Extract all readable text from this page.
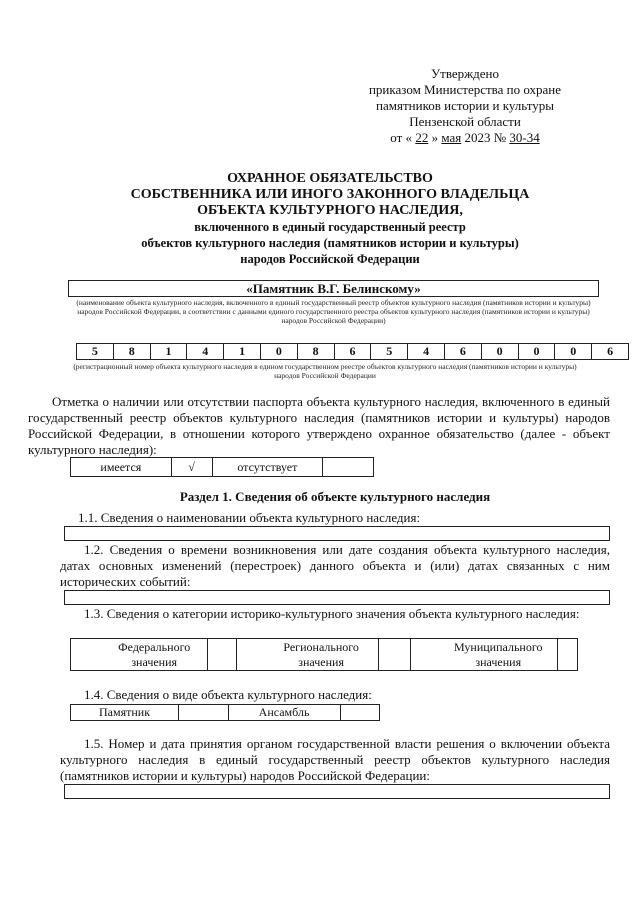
Утверждено
приказом Министерства по охране
памятников истории и культуры
Пензенской области
от « 22 » мая 2023 № 30-34
ОХРАННОЕ ОБЯЗАТЕЛЬСТВО
СОБСТВЕННИКА ИЛИ ИНОГО ЗАКОННОГО ВЛАДЕЛЬЦА
ОБЪЕКТА КУЛЬТУРНОГО НАСЛЕДИЯ,
включенного в единый государственный реестр
объектов культурного наследия (памятников истории и культуры)
народов Российской Федерации
«Памятник В.Г. Белинскому»
(наименование объекта культурного наследия, включенного в единый государственный реестр объектов культурного наследия (памятников истории и культуры) народов Российской Федерации, в соответствии с данными единого государственного реестра объектов культурного наследия (памятников истории и культуры) народов Российской Федерации)
5	8	1	4	1	0	8	6	5	4	6	0	0	0	6
(регистрационный номер объекта культурного наследия в едином государственном реестре объектов культурного наследия (памятников истории и культуры) народов Российской Федерации
Отметка о наличии или отсутствии паспорта объекта культурного наследия, включенного в единый государственный реестр объектов культурного наследия (памятников истории и культуры) народов Российской Федерации, в отношении которого утверждено охранное обязательство (далее - объект культурного наследия):
имеется	√	отсутствует	
Раздел 1. Сведения об объекте культурного наследия
1.1. Сведения о наименовании объекта культурного наследия:
1.2. Сведения о времени возникновения или дате создания объекта культурного наследия, датах основных изменений (перестроек) данного объекта и (или) датах связанных с ним исторических событий:
1.3. Сведения о категории историко-культурного значения объекта культурного наследия:
Федерального значения		Регионального значения		Муниципального значения	
1.4. Сведения о виде объекта культурного наследия:
Памятник		Ансамбль	
1.5. Номер и дата принятия органом государственной власти решения о включении объекта культурного наследия в единый государственный реестр объектов культурного наследия (памятников истории и культуры) народов Российской Федерации:
